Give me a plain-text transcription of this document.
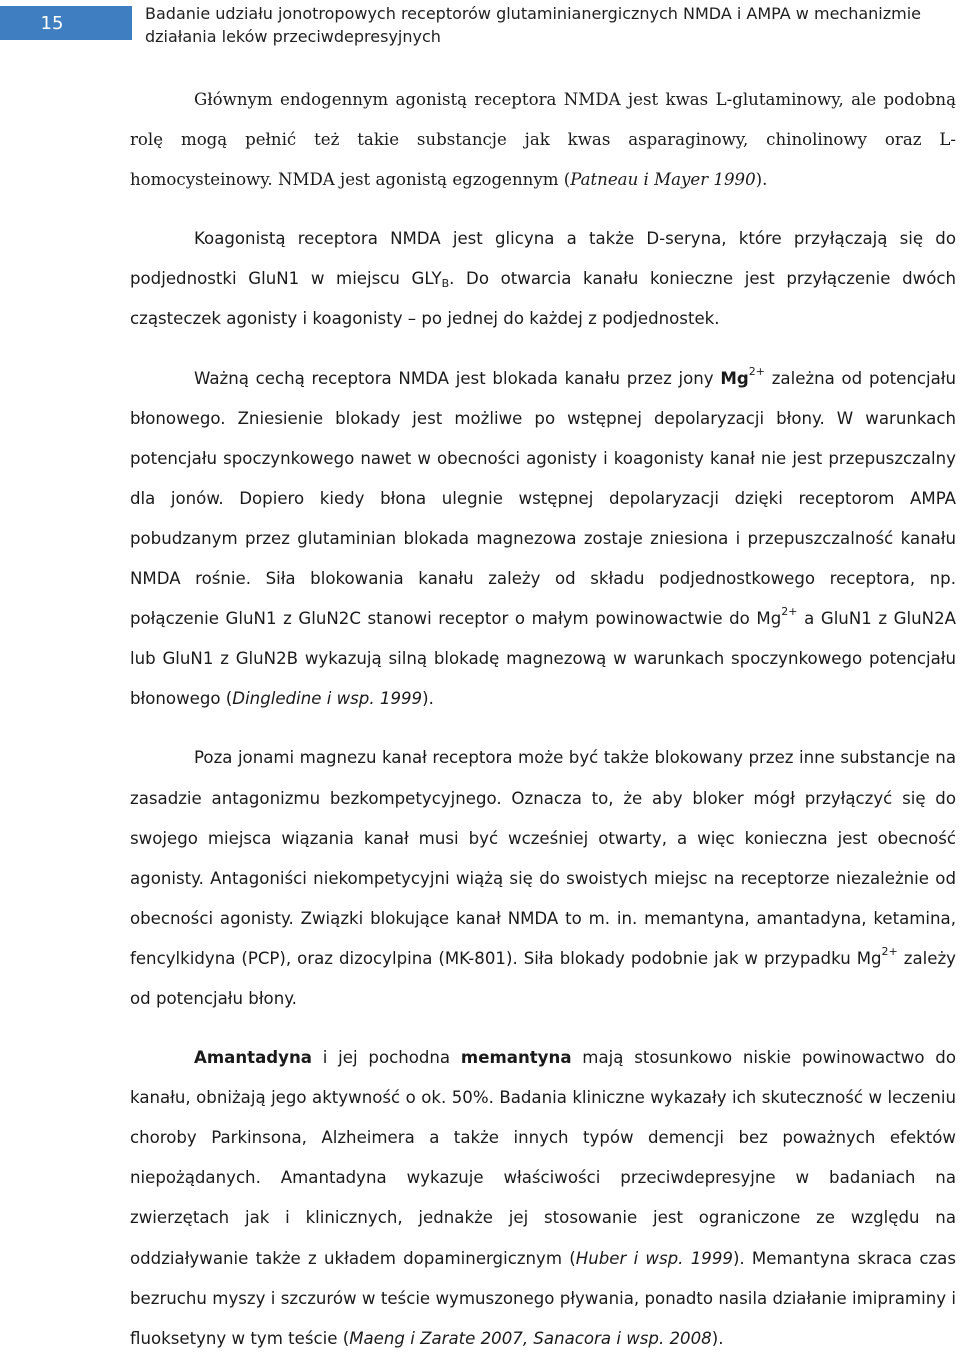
15	Badanie udziału jonotropowych receptorów glutaminianergicznych NMDA i AMPA w mechanizmie działania leków przeciwdepresyjnych

Głównym endogennym agonistą receptora NMDA jest kwas L-glutaminowy, ale podobną rolę mogą pełnić też takie substancje jak kwas asparaginowy, chinolinowy oraz L-homocysteinowy. NMDA jest agonistą egzogennym (Patneau i Mayer 1990).

Koagonistą receptora NMDA jest glicyna a także D-seryna, które przyłączają się do podjednostki GluN1 w miejscu $GLY_B$. Do otwarcia kanału konieczne jest przyłączenie dwóch cząsteczek agonisty i koagonisty – po jednej do każdej z podjednostek.

Ważną cechą receptora NMDA jest blokada kanału przez jony $Mg^{2+}$ zależna od potencjału błonowego. Zniesienie blokady jest możliwe po wstępnej depolaryzacji błony. W warunkach potencjału spoczynkowego nawet w obecności agonisty i koagonisty kanał nie jest przepuszczalny dla jonów. Dopiero kiedy błona ulegnie wstępnej depolaryzacji dzięki receptorom AMPA pobudzanym przez glutaminian blokada magnezowa zostaje zniesiona i przepuszczalność kanału NMDA rośnie. Siła blokowania kanału zależy od składu podjednostkowego receptora, np. połączenie GluN1 z GluN2C stanowi receptor o małym powinowactwie do $Mg^{2+}$ a GluN1 z GluN2A lub GluN1 z GluN2B wykazują silną blokadę magnezową w warunkach spoczynkowego potencjału błonowego (Dingledine i wsp. 1999).

Poza jonami magnezu kanał receptora może być także blokowany przez inne substancje na zasadzie antagonizmu bezkompetycyjnego. Oznacza to, że aby bloker mógł przyłączyć się do swojego miejsca wiązania kanał musi być wcześniej otwarty, a więc konieczna jest obecność agonisty. Antagoniści niekompetycyjni wiążą się do swoistych miejsc na receptorze niezależnie od obecności agonisty. Związki blokujące kanał NMDA to m. in. memantyna, amantadyna, ketamina, fencylkidyna (PCP), oraz dizocylpina (MK-801). Siła blokady podobnie jak w przypadku $Mg^{2+}$ zależy od potencjału błony.

Amantadyna i jej pochodna memantyna mają stosunkowo niskie powinowactwo do kanału, obniżają jego aktywność o ok. 50%. Badania kliniczne wykazały ich skuteczność w leczeniu choroby Parkinsona, Alzheimera a także innych typów demencji bez poważnych efektów niepożądanych. Amantadyna wykazuje właściwości przeciwdepresyjne w badaniach na zwierzętach jak i klinicznych, jednakże jej stosowanie jest ograniczone ze względu na oddziaływanie także z układem dopaminergicznym (Huber i wsp. 1999). Memantyna skraca czas bezruchu myszy i szczurów w teście wymuszonego pływania, ponadto nasila działanie imipraminy i fluoksetyny w tym teście (Maeng i Zarate 2007, Sanacora i wsp. 2008).
